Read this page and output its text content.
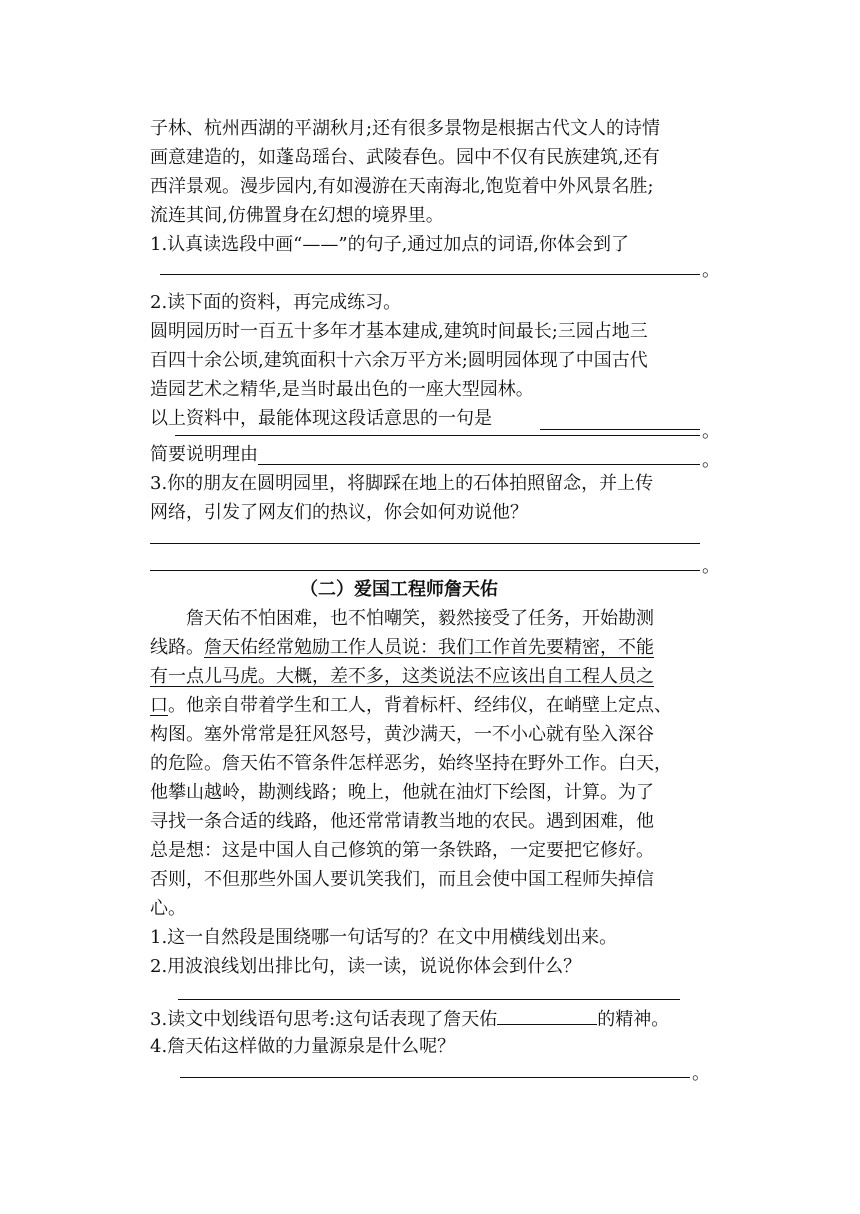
子林、杭州西湖的平湖秋月;还有很多景物是根据古代文人的诗情
画意建造的，如蓬岛瑶台、武陵春色。园中不仅有民族建筑,还有
西洋景观。漫步园内,有如漫游在天南海北,饱览着中外风景名胜;
流连其间,仿佛置身在幻想的境界里。
1.认真读选段中画“——”的句子,通过加点的词语,你体会到了
。
2.读下面的资料，再完成练习。
圆明园历时一百五十多年才基本建成,建筑时间最长;三园占地三
百四十余公顷,建筑面积十六余万平方米;圆明园体现了中国古代
造园艺术之精华,是当时最出色的一座大型园林。
以上资料中，最能体现这段话意思的一句是
。
简要说明理由	。
3.你的朋友在圆明园里，将脚踩在地上的石体拍照留念，并上传
网络，引发了网友们的热议，你会如何劝说他？
。
（二）爱国工程师詹天佑
詹天佑不怕困难，也不怕嘲笑，毅然接受了任务，开始勘测
线路。詹天佑经常勉励工作人员说：我们工作首先要精密，不能
有一点儿马虎。大概，差不多，这类说法不应该出自工程人员之
口。他亲自带着学生和工人，背着标杆、经纬仪，在峭壁上定点、
构图。塞外常常是狂风怒号，黄沙满天，一不小心就有坠入深谷
的危险。詹天佑不管条件怎样恶劣，始终坚持在野外工作。白天，
他攀山越岭，勘测线路；晚上，他就在油灯下绘图，计算。为了
寻找一条合适的线路，他还常常请教当地的农民。遇到困难，他
总是想：这是中国人自己修筑的第一条铁路，一定要把它修好。
否则，不但那些外国人要讥笑我们，而且会使中国工程师失掉信
心。
1.这一自然段是围绕哪一句话写的？在文中用横线划出来。
2.用波浪线划出排比句，读一读，说说你体会到什么？
3.读文中划线语句思考:这句话表现了詹天佑	的精神。
4.詹天佑这样做的力量源泉是什么呢？
。
